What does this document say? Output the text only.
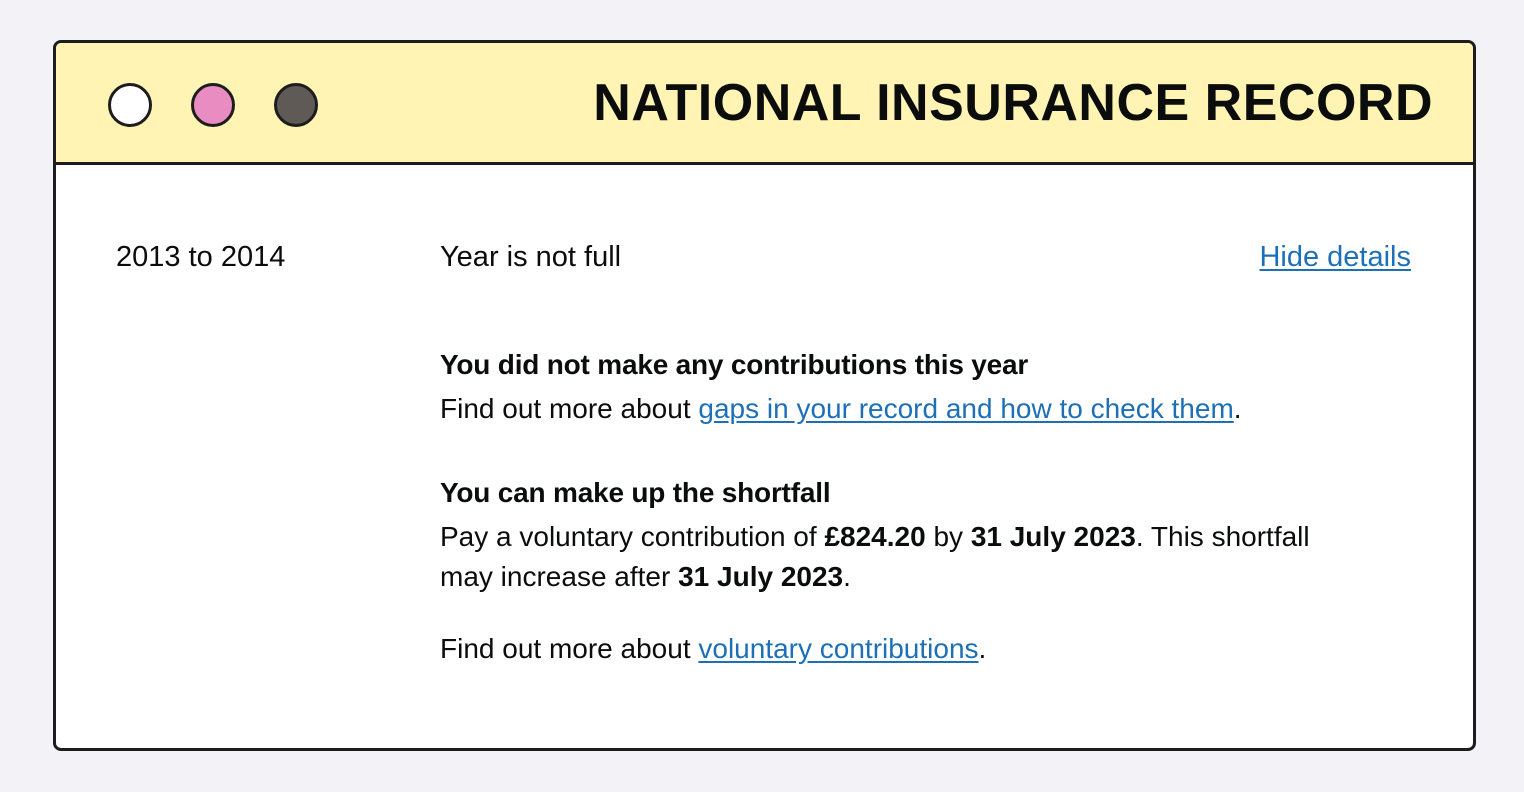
NATIONAL INSURANCE RECORD
2013 to 2014	Year is not full	Hide details
You did not make any contributions this year

Find out more about gaps in your record and how to check them.

You can make up the shortfall

Pay a voluntary contribution of £824.20 by 31 July 2023. This shortfall may increase after 31 July 2023.

Find out more about voluntary contributions.
